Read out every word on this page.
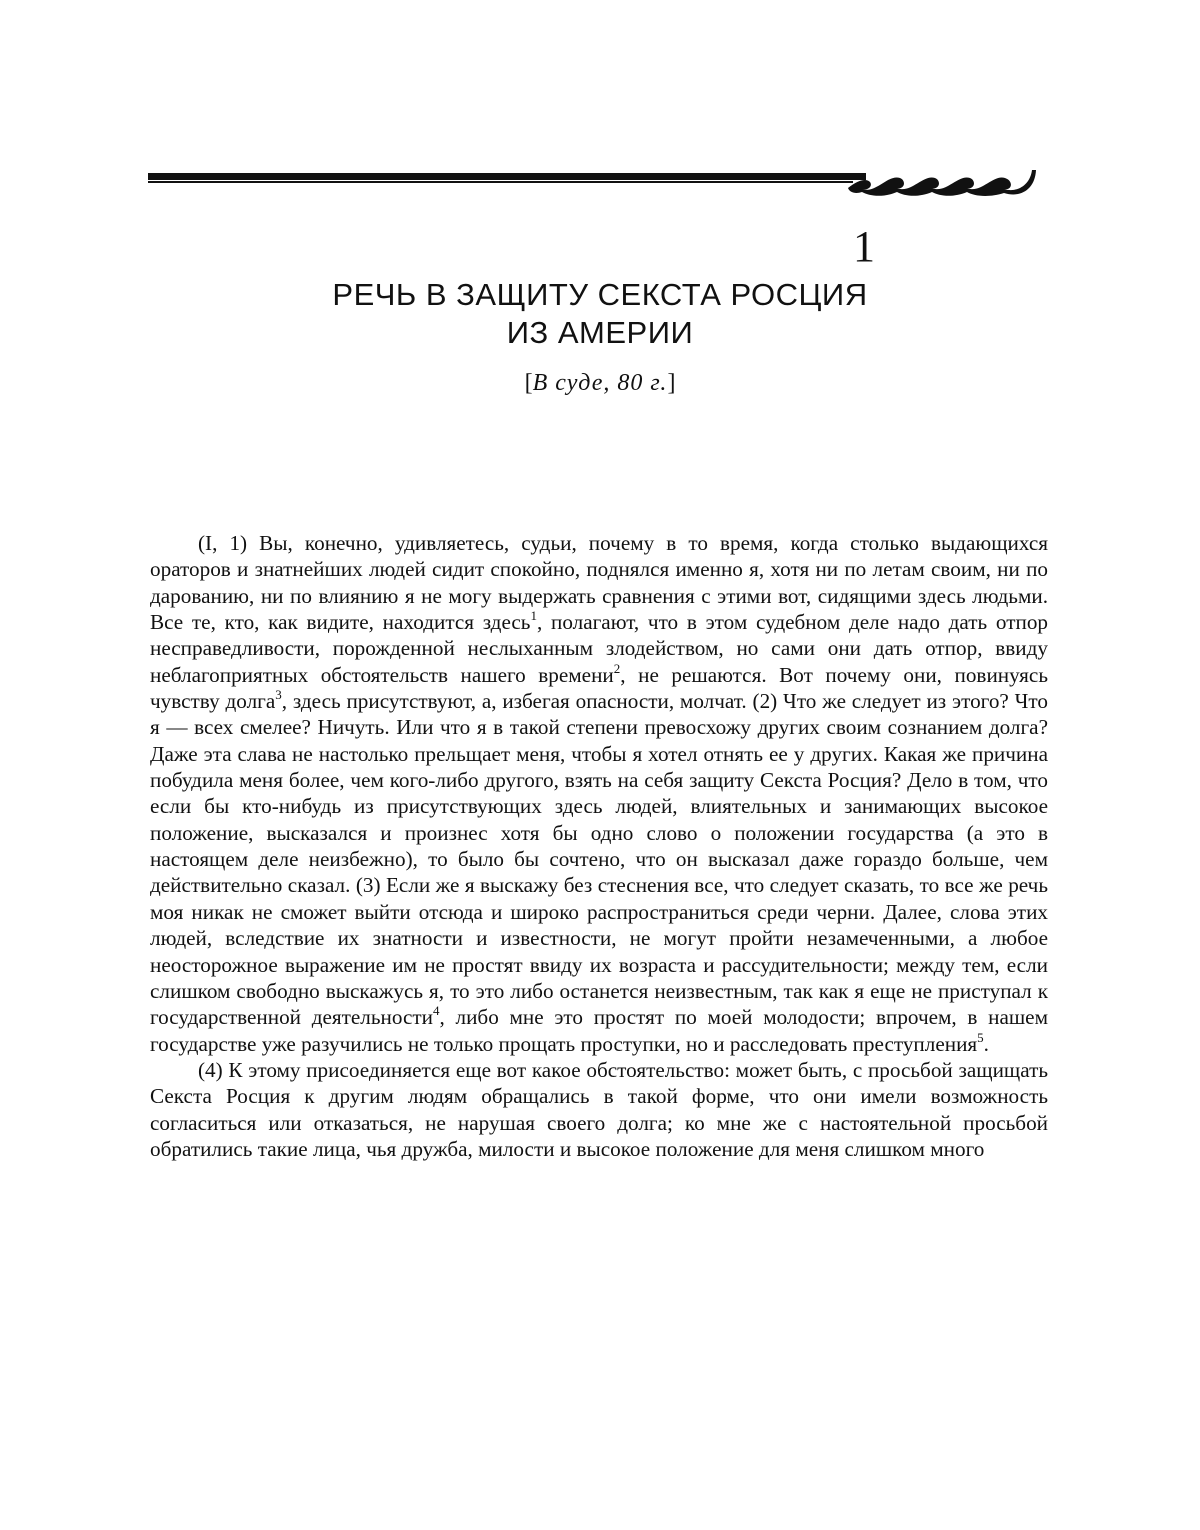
1
РЕЧЬ В ЗАЩИТУ СЕКСТА РОСЦИЯ
ИЗ АМЕРИИ
[В суде, 80 г.]

(I, 1) Вы, конечно, удивляетесь, судьи, почему в то время, когда столько выдающихся ораторов и знатнейших людей сидит спокойно, поднялся именно я, хотя ни по летам своим, ни по дарованию, ни по влиянию я не могу выдержать сравнения с этими вот, сидящими здесь людьми. Все те, кто, как видите, находится здесь$^1$, полагают, что в этом судебном деле надо дать отпор несправедливости, порожденной неслыханным злодейством, но сами они дать отпор, ввиду неблагоприятных обстоятельств нашего времени$^2$, не решаются. Вот почему они, повинуясь чувству долга$^3$, здесь присутствуют, а, избегая опасности, молчат. (2) Что же следует из этого? Что я — всех смелее? Ничуть. Или что я в такой степени превосхожу других своим сознанием долга? Даже эта слава не настолько прельщает меня, чтобы я хотел отнять ее у других. Какая же причина побудила меня более, чем кого-либо другого, взять на себя защиту Секста Росция? Дело в том, что если бы кто-нибудь из присутствующих здесь людей, влиятельных и занимающих высокое положение, высказался и произнес хотя бы одно слово о положении государства (а это в настоящем деле неизбежно), то было бы сочтено, что он высказал даже гораздо больше, чем действительно сказал. (3) Если же я выскажу без стеснения все, что следует сказать, то все же речь моя никак не сможет выйти отсюда и широко распространиться среди черни. Далее, слова этих людей, вследствие их знатности и известности, не могут пройти незамеченными, а любое неосторожное выражение им не простят ввиду их возраста и рассудительности; между тем, если слишком свободно выскажусь я, то это либо останется неизвестным, так как я еще не приступал к государственной деятельности$^4$, либо мне это простят по моей молодости; впрочем, в нашем государстве уже разучились не только прощать проступки, но и расследовать преступления$^5$.

(4) К этому присоединяется еще вот какое обстоятельство: может быть, с просьбой защищать Секста Росция к другим людям обращались в такой форме, что они имели возможность согласиться или отказаться, не нарушая своего долга; ко мне же с настоятельной просьбой обратились такие лица, чья дружба, милости и высокое положение для меня слишком много
